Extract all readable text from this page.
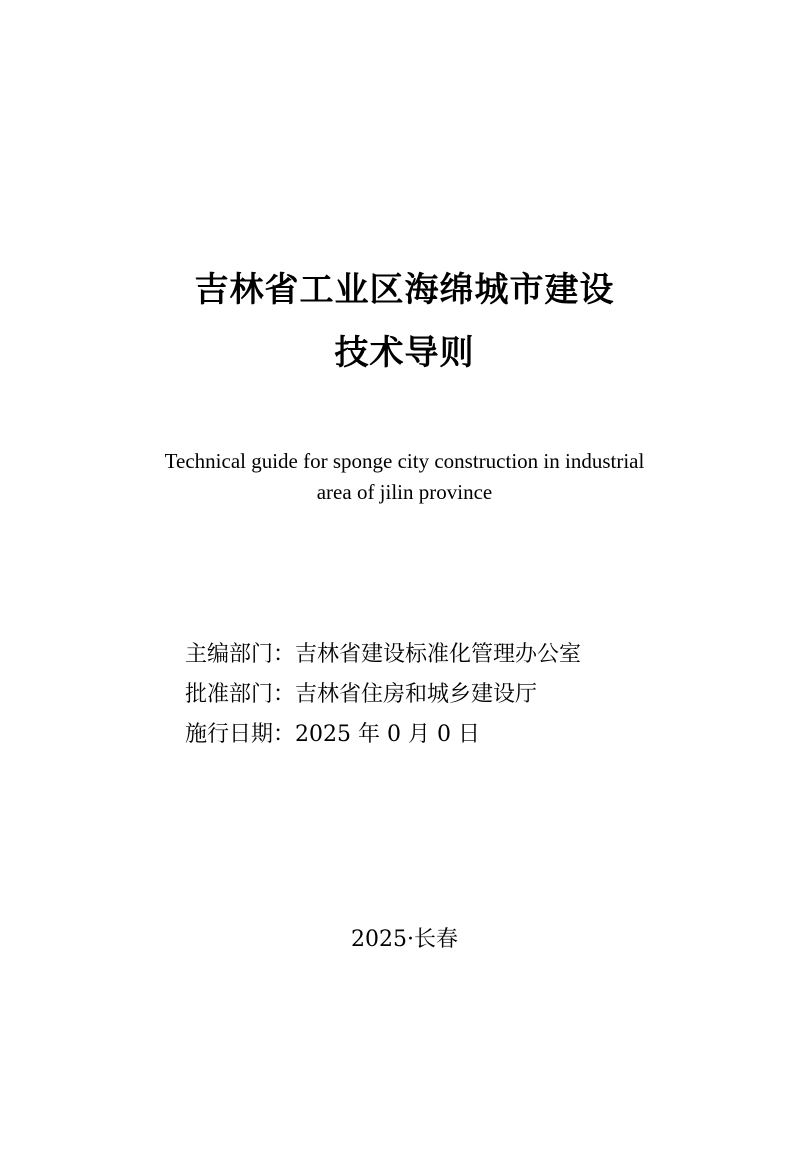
吉林省工业区海绵城市建设
技术导则
Technical guide for sponge city construction in industrial
area of jilin province
主编部门：吉林省建设标准化管理办公室
批准部门：吉林省住房和城乡建设厅
施行日期：2025 年 0 月 0 日
2025·长春
